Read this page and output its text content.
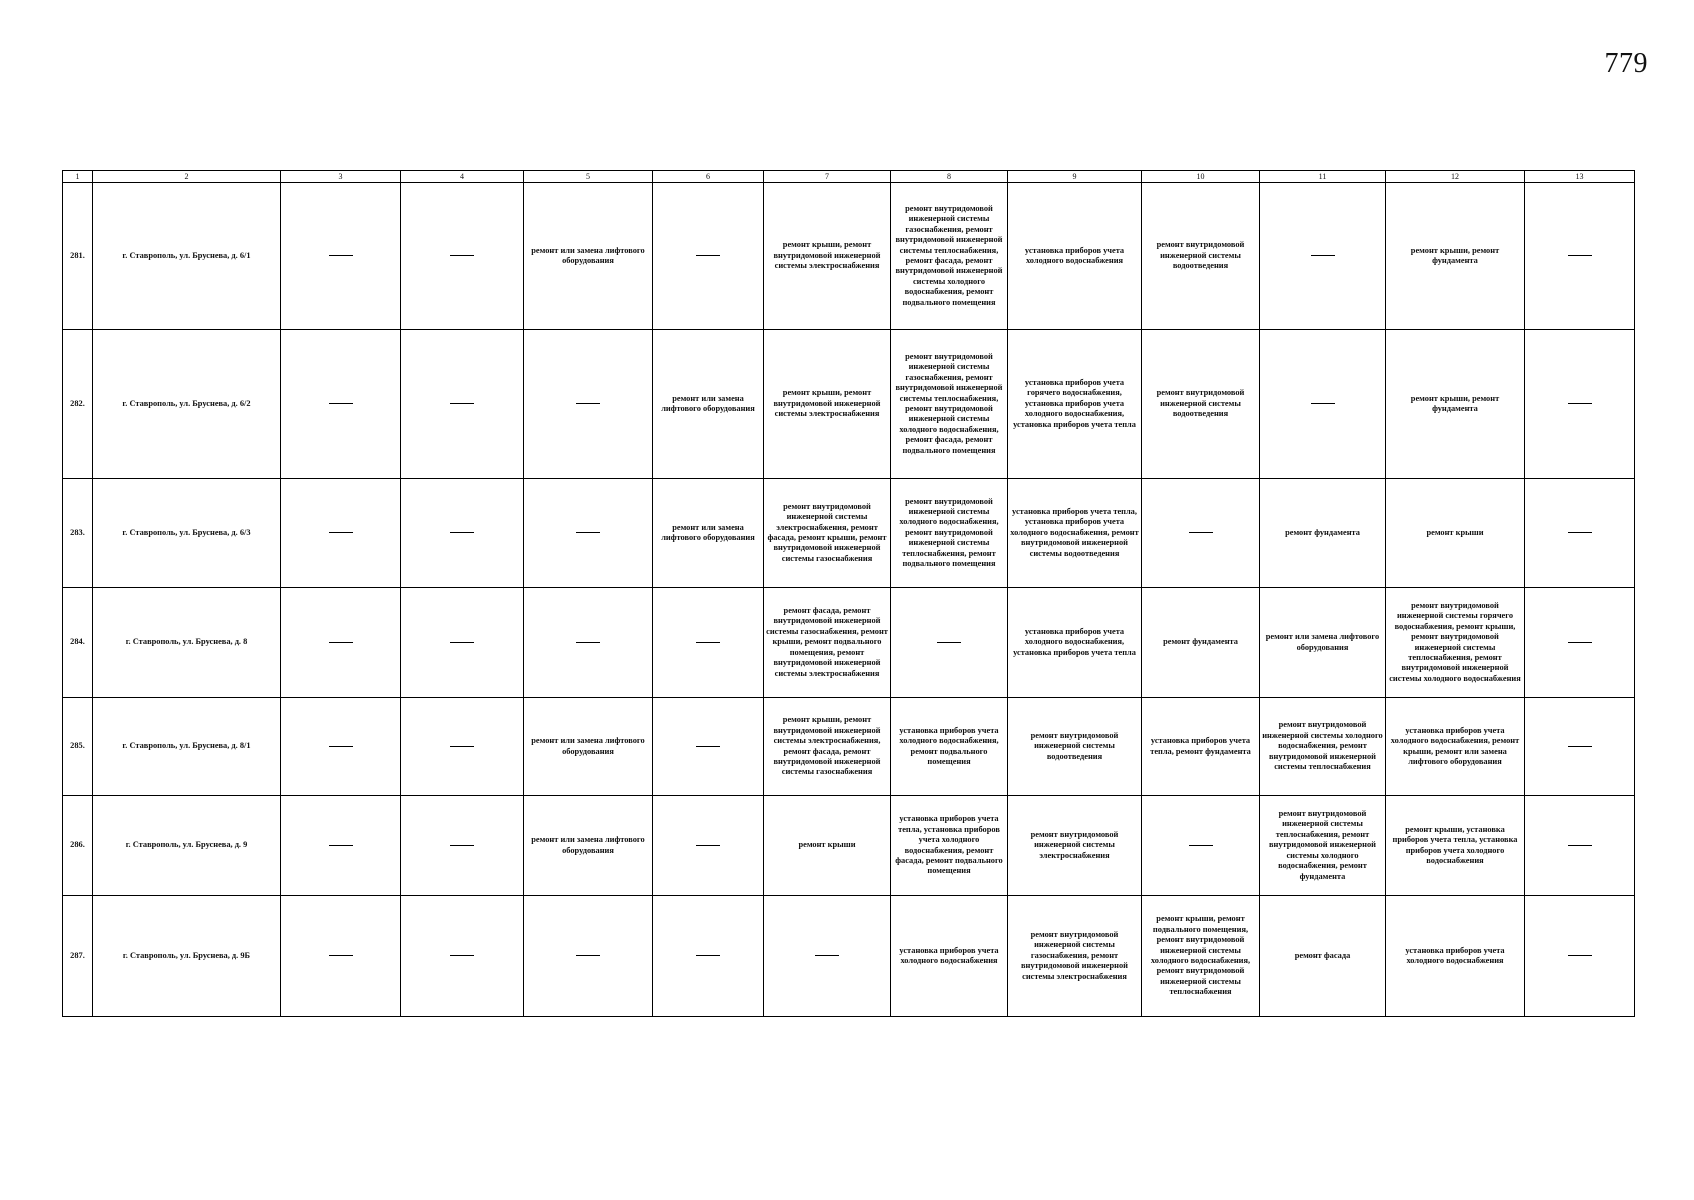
779
1	2	3	4	5	6	7	8	9	10	11	12	13
281.	г. Ставрополь, ул. Бруснева, д. 6/1			ремонт или замена лифтового оборудования		ремонт крыши, ремонт внутридомовой инженерной системы электроснабжения	ремонт внутридомовой инженерной системы газоснабжения, ремонт внутридомовой инженерной системы теплоснабжения, ремонт фасада, ремонт внутридомовой инженерной системы холодного водоснабжения, ремонт подвального помещения	установка приборов учета холодного водоснабжения	ремонт внутридомовой инженерной системы водоотведения		ремонт крыши, ремонт фундамента	
282.	г. Ставрополь, ул. Бруснева, д. 6/2				ремонт или замена лифтового оборудования	ремонт крыши, ремонт внутридомовой инженерной системы электроснабжения	ремонт внутридомовой инженерной системы газоснабжения, ремонт внутридомовой инженерной системы теплоснабжения, ремонт внутридомовой инженерной системы холодного водоснабжения, ремонт фасада, ремонт подвального помещения	установка приборов учета горячего водоснабжения, установка приборов учета холодного водоснабжения, установка приборов учета тепла	ремонт внутридомовой инженерной системы водоотведения		ремонт крыши, ремонт фундамента	
283.	г. Ставрополь, ул. Бруснева, д. 6/3				ремонт или замена лифтового оборудования	ремонт внутридомовой инженерной системы электроснабжения, ремонт фасада, ремонт крыши, ремонт внутридомовой инженерной системы газоснабжения	ремонт внутридомовой инженерной системы холодного водоснабжения, ремонт внутридомовой инженерной системы теплоснабжения, ремонт подвального помещения	установка приборов учета тепла, установка приборов учета холодного водоснабжения, ремонт внутридомовой инженерной системы водоотведения		ремонт фундамента	ремонт крыши	
284.	г. Ставрополь, ул. Бруснева, д. 8					ремонт фасада, ремонт внутридомовой инженерной системы газоснабжения, ремонт крыши, ремонт подвального помещения, ремонт внутридомовой инженерной системы электроснабжения		установка приборов учета холодного водоснабжения, установка приборов учета тепла	ремонт фундамента	ремонт или замена лифтового оборудования	ремонт внутридомовой инженерной системы горячего водоснабжения, ремонт крыши, ремонт внутридомовой инженерной системы теплоснабжения, ремонт внутридомовой инженерной системы холодного водоснабжения	
285.	г. Ставрополь, ул. Бруснева, д. 8/1			ремонт или замена лифтового оборудования		ремонт крыши, ремонт внутридомовой инженерной системы электроснабжения, ремонт фасада, ремонт внутридомовой инженерной системы газоснабжения	установка приборов учета холодного водоснабжения, ремонт подвального помещения	ремонт внутридомовой инженерной системы водоотведения	установка приборов учета тепла, ремонт фундамента	ремонт внутридомовой инженерной системы холодного водоснабжения, ремонт внутридомовой инженерной системы теплоснабжения	установка приборов учета холодного водоснабжения, ремонт крыши, ремонт или замена лифтового оборудования	
286.	г. Ставрополь, ул. Бруснева, д. 9			ремонт или замена лифтового оборудования		ремонт крыши	установка приборов учета тепла, установка приборов учета холодного водоснабжения, ремонт фасада, ремонт подвального помещения	ремонт внутридомовой инженерной системы электроснабжения		ремонт внутридомовой инженерной системы теплоснабжения, ремонт внутридомовой инженерной системы холодного водоснабжения, ремонт фундамента	ремонт крыши, установка приборов учета тепла, установка приборов учета холодного водоснабжения	
287.	г. Ставрополь, ул. Бруснева, д. 9Б						установка приборов учета холодного водоснабжения	ремонт внутридомовой инженерной системы газоснабжения, ремонт внутридомовой инженерной системы электроснабжения	ремонт крыши, ремонт подвального помещения, ремонт внутридомовой инженерной системы холодного водоснабжения, ремонт внутридомовой инженерной системы теплоснабжения	ремонт фасада	установка приборов учета холодного водоснабжения	
